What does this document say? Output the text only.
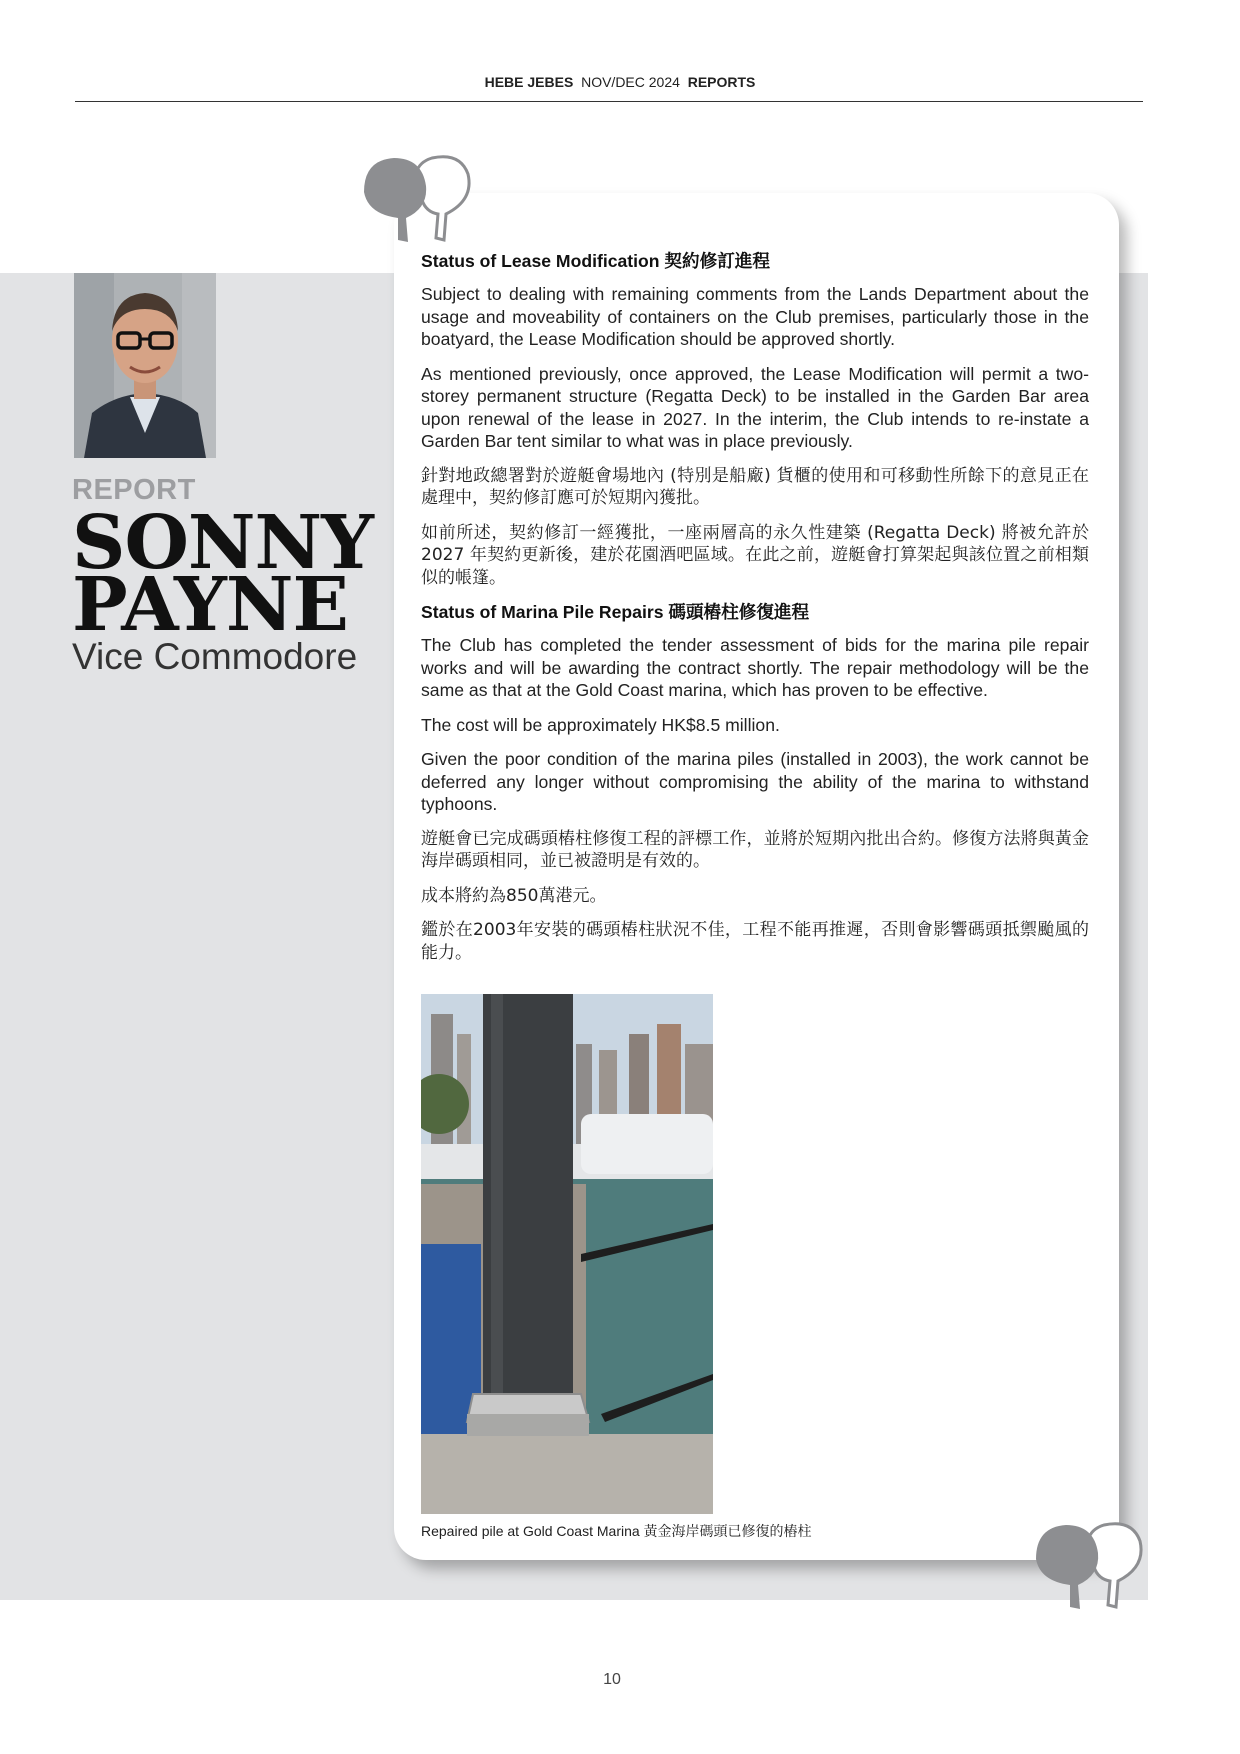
HEBE JEBES NOV/DEC 2024 REPORTS
REPORT
SONNY
PAYNE
Vice Commodore
Status of Lease Modification 契約修訂進程

Subject to dealing with remaining comments from the Lands Department about the usage and moveability of containers on the Club premises, particularly those in the boatyard, the Lease Modification should be approved shortly.

As mentioned previously, once approved, the Lease Modification will permit a two-storey permanent structure (Regatta Deck) to be installed in the Garden Bar area upon renewal of the lease in 2027. In the interim, the Club intends to re-instate a Garden Bar tent similar to what was in place previously.

針對地政總署對於遊艇會場地內 (特別是船廠) 貨櫃的使用和可移動性所餘下的意見正在處理中，契約修訂應可於短期內獲批。

如前所述，契約修訂一經獲批，一座兩層高的永久性建築 (Regatta Deck) 將被允許於 2027 年契約更新後，建於花園酒吧區域。在此之前，遊艇會打算架起與該位置之前相類似的帳篷。

Status of Marina Pile Repairs 碼頭樁柱修復進程

The Club has completed the tender assessment of bids for the marina pile repair works and will be awarding the contract shortly. The repair methodology will be the same as that at the Gold Coast marina, which has proven to be effective.

The cost will be approximately HK$8.5 million.

Given the poor condition of the marina piles (installed in 2003), the work cannot be deferred any longer without compromising the ability of the marina to withstand typhoons.

遊艇會已完成碼頭樁柱修復工程的評標工作，並將於短期內批出合約。修復方法將與黃金海岸碼頭相同，並已被證明是有效的。

成本將約為850萬港元。

鑑於在2003年安裝的碼頭樁柱狀況不佳，工程不能再推遲，否則會影響碼頭抵禦颱風的能力。

Repaired pile at Gold Coast Marina 黃金海岸碼頭已修復的樁柱
10
